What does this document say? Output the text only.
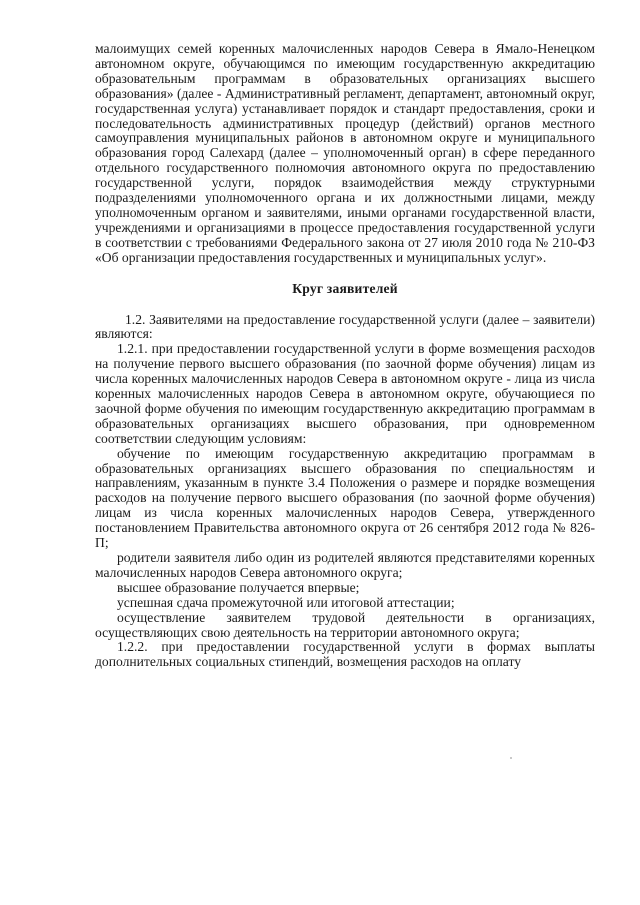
малоимущих семей коренных малочисленных народов Севера в Ямало-Ненецком автономном округе, обучающимся по имеющим государственную аккредитацию образовательным программам в образовательных организациях высшего образования» (далее - Административный регламент, департамент, автономный округ, государственная услуга) устанавливает порядок и стандарт предоставления, сроки и последовательность административных процедур (действий) органов местного самоуправления муниципальных районов в автономном округе и муниципального образования город Салехард (далее – уполномоченный орган) в сфере переданного отдельного государственного полномочия автономного округа по предоставлению государственной услуги, порядок взаимодействия между структурными подразделениями уполномоченного органа и их должностными лицами, между уполномоченным органом и заявителями, иными органами государственной власти, учреждениями и организациями в процессе предоставления государственной услуги в соответствии с требованиями Федерального закона от 27 июля 2010 года № 210-ФЗ «Об организации предоставления государственных и муниципальных услуг».

Круг заявителей

1.2. Заявителями на предоставление государственной услуги (далее – заявители) являются:

1.2.1. при предоставлении государственной услуги в форме возмещения расходов на получение первого высшего образования (по заочной форме обучения) лицам из числа коренных малочисленных народов Севера в автономном округе - лица из числа коренных малочисленных народов Севера в автономном округе, обучающиеся по заочной форме обучения по имеющим государственную аккредитацию программам в образовательных организациях высшего образования, при одновременном соответствии следующим условиям:

обучение по имеющим государственную аккредитацию программам в образовательных организациях высшего образования по специальностям и направлениям, указанным в пункте 3.4 Положения о размере и порядке возмещения расходов на получение первого высшего образования (по заочной форме обучения) лицам из числа коренных малочисленных народов Севера, утвержденного постановлением Правительства автономного округа от 26 сентября 2012 года № 826-П;

родители заявителя либо один из родителей являются представителями коренных малочисленных народов Севера автономного округа;

высшее образование получается впервые;

успешная сдача промежуточной или итоговой аттестации;

осуществление заявителем трудовой деятельности в организациях, осуществляющих свою деятельность на территории автономного округа;

1.2.2. при предоставлении государственной услуги в формах выплаты дополнительных социальных стипендий, возмещения расходов на оплату
